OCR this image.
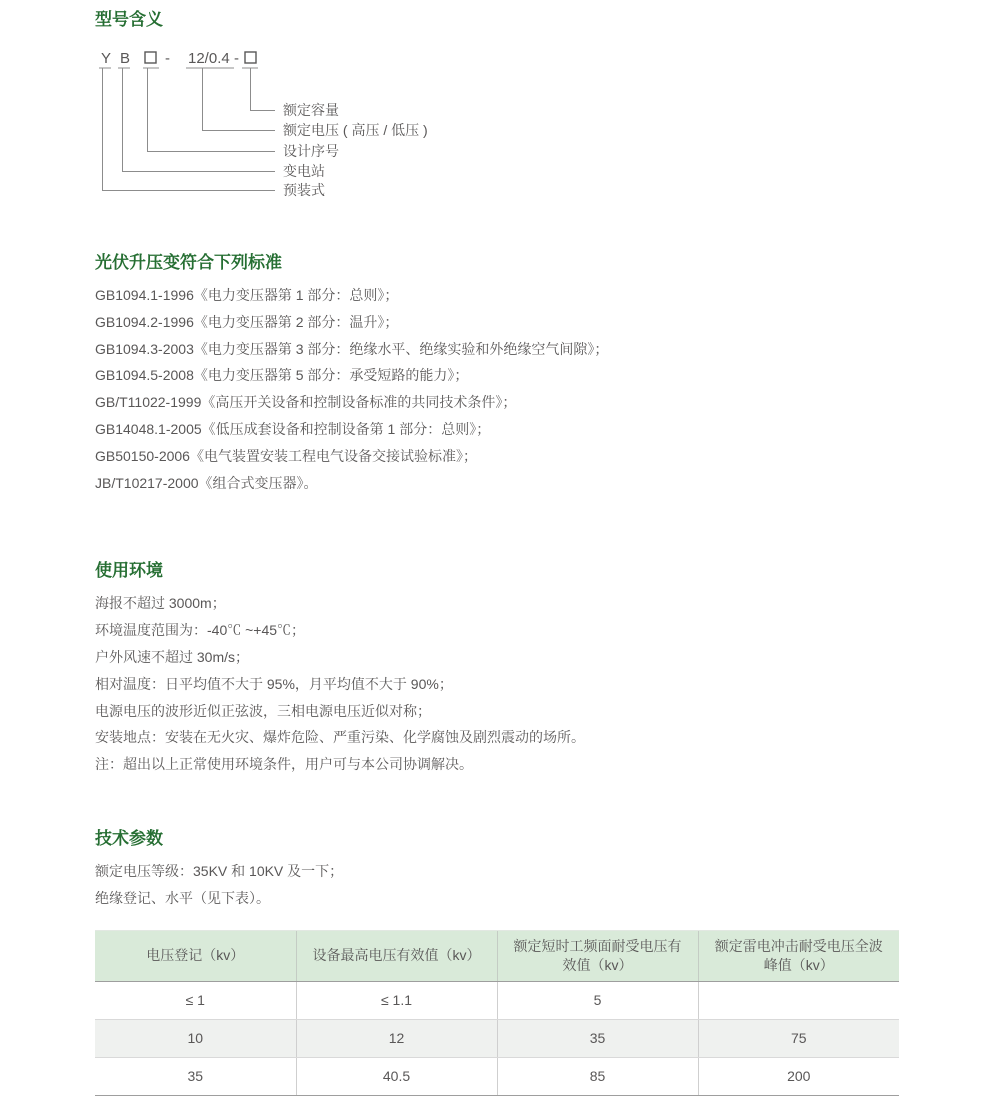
型号含义
Y B - 12/0.4 -
额定容量
额定电压 ( 高压 / 低压 )
设计序号
变电站
预装式
光伏升压变符合下列标准

GB1094.1-1996《电力变压器第 1 部分：总则》；

GB1094.2-1996《电力变压器第 2 部分：温升》；

GB1094.3-2003《电力变压器第 3 部分：绝缘水平、绝缘实验和外绝缘空气间隙》；

GB1094.5-2008《电力变压器第 5 部分：承受短路的能力》；

GB/T11022-1999《高压开关设备和控制设备标准的共同技术条件》；

GB14048.1-2005《低压成套设备和控制设备第 1 部分：总则》；

GB50150-2006《电气装置安装工程电气设备交接试验标准》；

JB/T10217-2000《组合式变压器》。

使用环境

海报不超过 3000m；

环境温度范围为：-40℃ ~+45℃；

户外风速不超过 30m/s；

相对温度：日平均值不大于 95%，月平均值不大于 90%；

电源电压的波形近似正弦波，三相电源电压近似对称；

安装地点：安装在无火灾、爆炸危险、严重污染、化学腐蚀及剧烈震动的场所。

注：超出以上正常使用环境条件，用户可与本公司协调解决。

技术参数

额定电压等级：35KV 和 10KV 及一下；

绝缘登记、水平（见下表）。

电压登记（kv）	设备最高电压有效值（kv）	额定短时工频面耐受电压有效值（kv）	额定雷电冲击耐受电压全波峰值（kv）
≤ 1	≤ 1.1	5	
10	12	35	75
35	40.5	85	200
